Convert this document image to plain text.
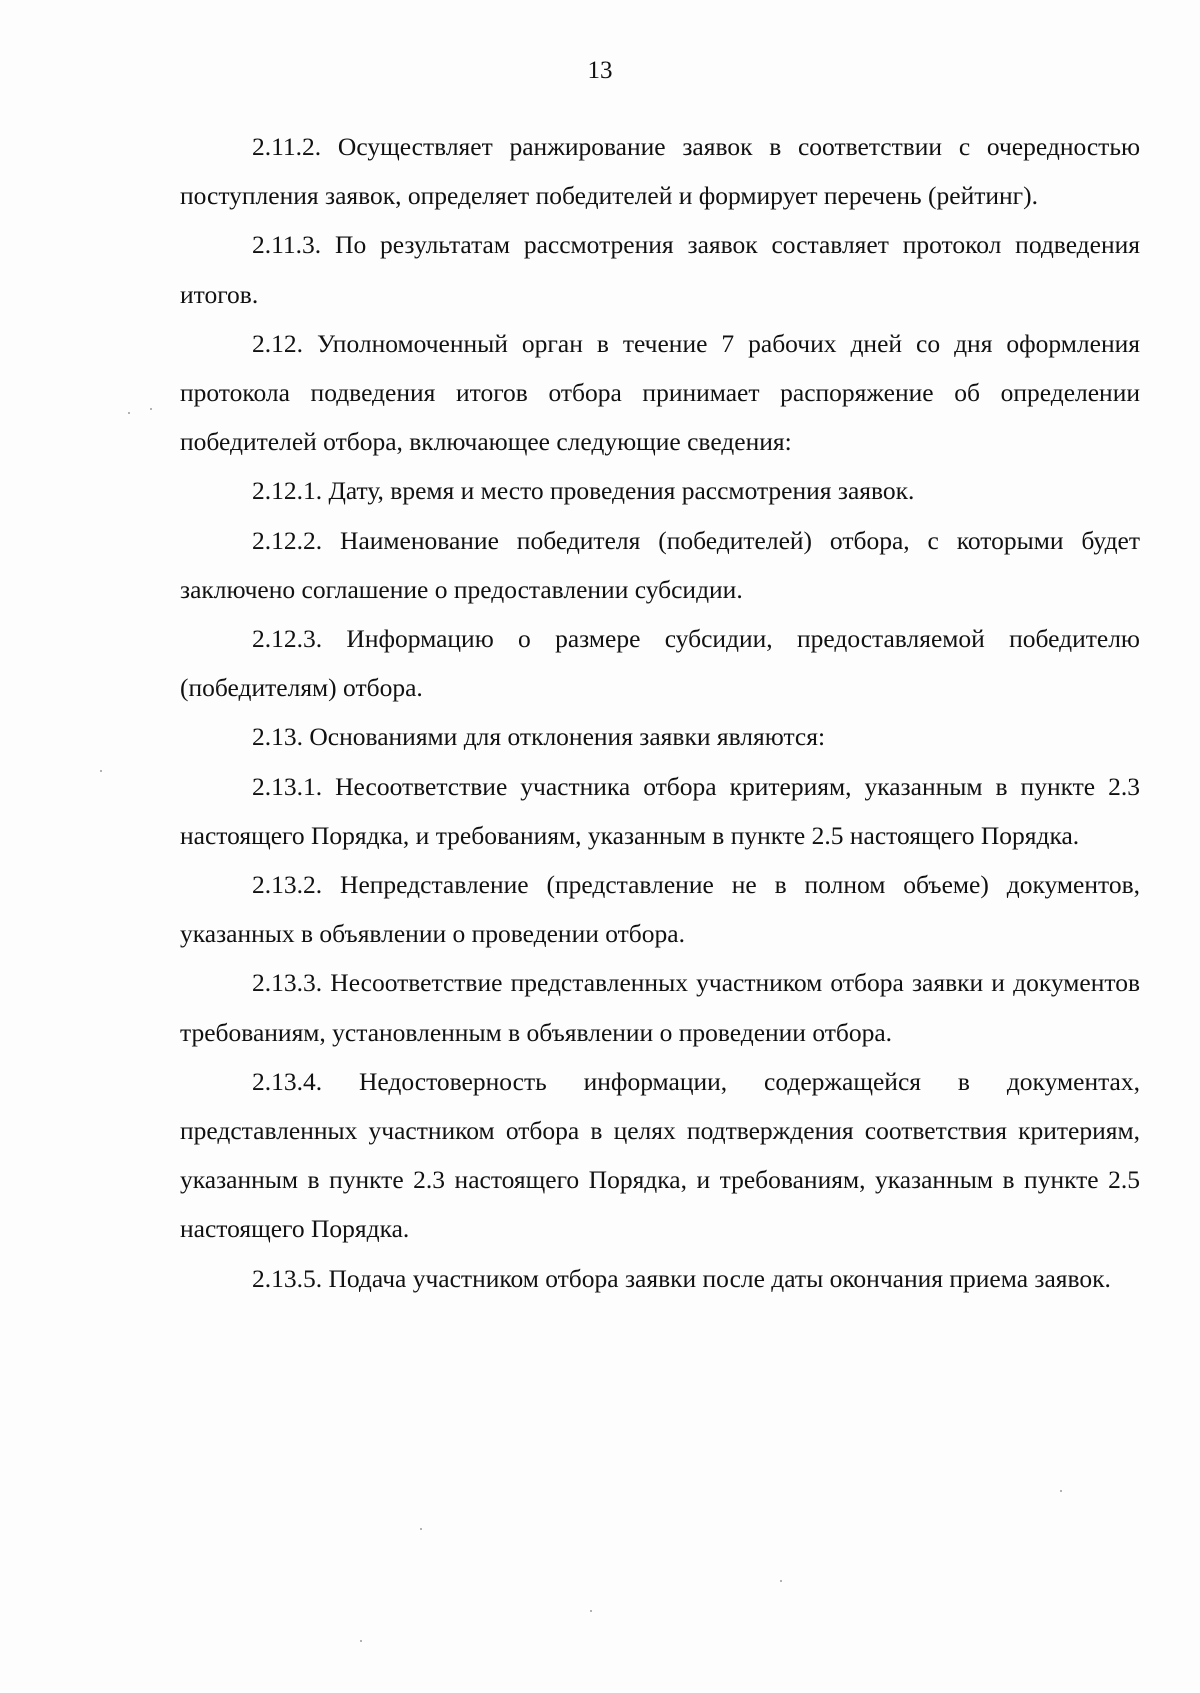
13

2.11.2. Осуществляет ранжирование заявок в соответствии с очередностью поступления заявок, определяет победителей и формирует перечень (рейтинг).

2.11.3. По результатам рассмотрения заявок составляет протокол подведения итогов.

2.12. Уполномоченный орган в течение 7 рабочих дней со дня оформления протокола подведения итогов отбора принимает распоряжение об определении победителей отбора, включающее следующие сведения:

2.12.1. Дату, время и место проведения рассмотрения заявок.

2.12.2. Наименование победителя (победителей) отбора, с которыми будет заключено соглашение о предоставлении субсидии.

2.12.3. Информацию о размере субсидии, предоставляемой победителю (победителям) отбора.

2.13. Основаниями для отклонения заявки являются:

2.13.1. Несоответствие участника отбора критериям, указанным в пункте 2.3 настоящего Порядка, и требованиям, указанным в пункте 2.5 настоящего Порядка.

2.13.2. Непредставление (представление не в полном объеме) документов, указанных в объявлении о проведении отбора.

2.13.3. Несоответствие представленных участником отбора заявки и документов требованиям, установленным в объявлении о проведении отбора.

2.13.4. Недостоверность информации, содержащейся в документах, представленных участником отбора в целях подтверждения соответствия критериям, указанным в пункте 2.3 настоящего Порядка, и требованиям, указанным в пункте 2.5 настоящего Порядка.

2.13.5. Подача участником отбора заявки после даты окончания приема заявок.
